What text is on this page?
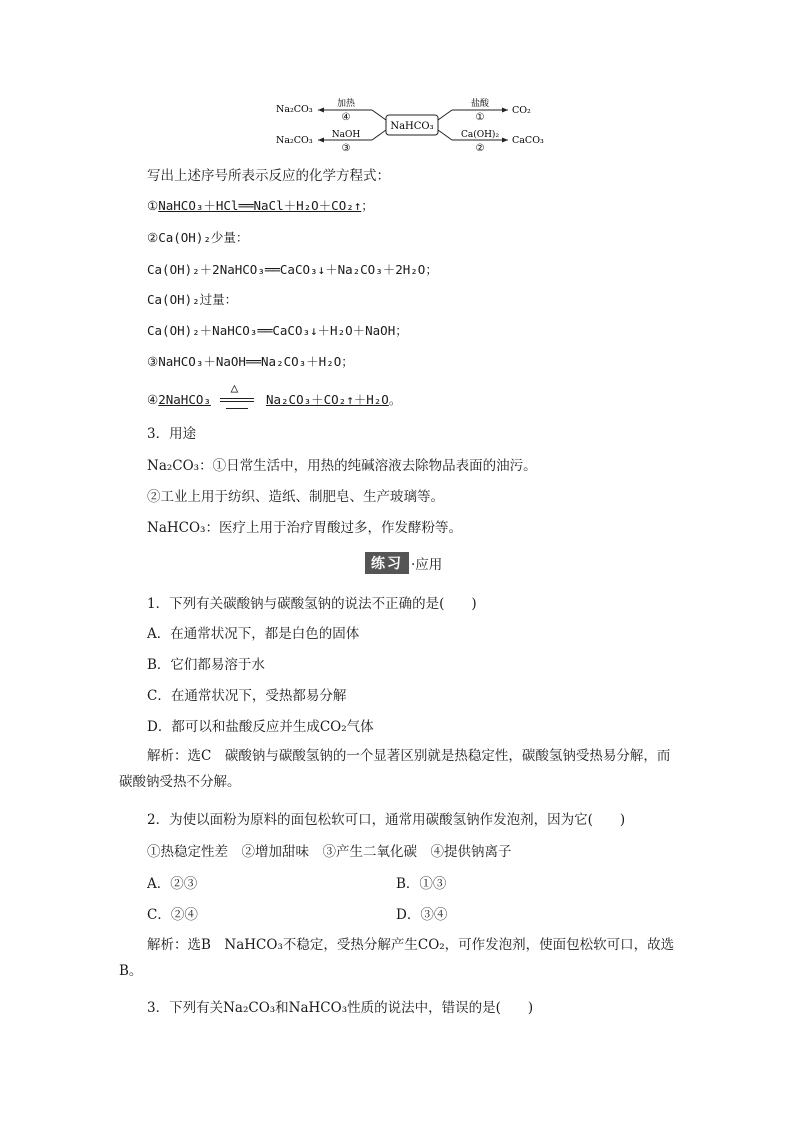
NaHCO₃
Na₂CO₃	加热
④
Na₂CO₃ NaOH
③
盐酸
①
CO₂
Ca(OH)₂
②
CaCO₃
写出上述序号所表示反应的化学方程式：
①NaHCO₃＋HCl══NaCl＋H₂O＋CO₂↑；
②Ca(OH)₂少量：
Ca(OH)₂＋2NaHCO₃══CaCO₃↓＋Na₂CO₃＋2H₂O；
Ca(OH)₂过量：
Ca(OH)₂＋NaHCO₃══CaCO₃↓＋H₂O＋NaOH；
③NaHCO₃＋NaOH══Na₂CO₃＋H₂O；
④2NaHCO₃
△
Na₂CO₃＋CO₂↑＋H₂O。
3．用途
Na₂CO₃：①日常生活中，用热的纯碱溶液去除物品表面的油污。
②工业上用于纺织、造纸、制肥皂、生产玻璃等。
NaHCO₃：医疗上用于治疗胃酸过多，作发酵粉等。
练习 ·应用
1．下列有关碳酸钠与碳酸氢钠的说法不正确的是(　　)
A．在通常状况下，都是白色的固体
B．它们都易溶于水
C．在通常状况下，受热都易分解
D．都可以和盐酸反应并生成CO₂气体
解析：选C　碳酸钠与碳酸氢钠的一个显著区别就是热稳定性，碳酸氢钠受热易分解，而碳酸钠受热不分解。
2．为使以面粉为原料的面包松软可口，通常用碳酸氢钠作发泡剂，因为它(　　)
①热稳定性差　②增加甜味　③产生二氧化碳　④提供钠离子
A．②③	B．①③
C．②④	D．③④
解析：选B　NaHCO₃不稳定，受热分解产生CO₂，可作发泡剂，使面包松软可口，故选B。
3．下列有关Na₂CO₃和NaHCO₃性质的说法中，错误的是(　　)
